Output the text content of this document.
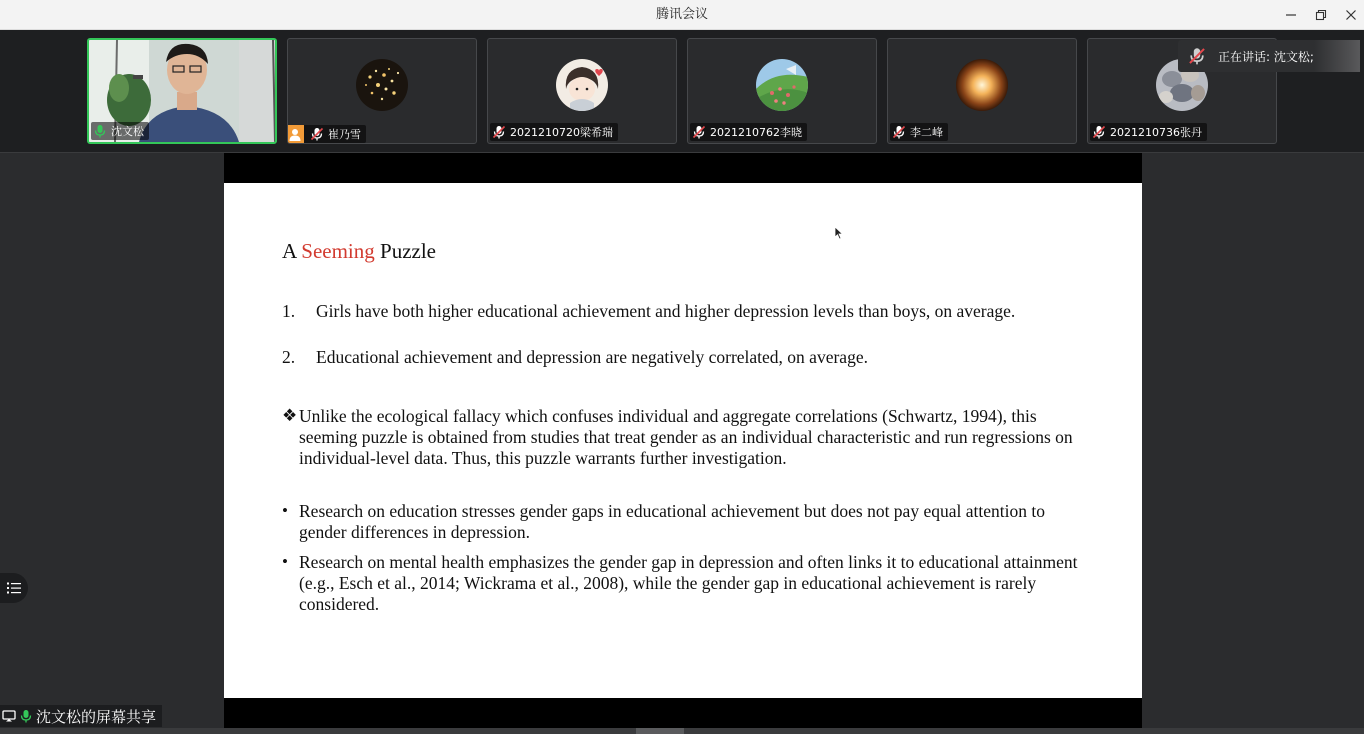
腾讯会议
沈文松	崔乃雪	2021210720梁希瑞	2021210762李晓	李二峰	2021210736张丹
正在讲话: 沈文松;
A Seeming Puzzle
1. Girls have both higher educational achievement and higher depression levels than boys, on average.
2. Educational achievement and depression are negatively correlated, on average.
❖ Unlike the ecological fallacy which confuses individual and aggregate correlations (Schwartz, 1994), this seeming puzzle is obtained from studies that treat gender as an individual characteristic and run regressions on individual-level data. Thus, this puzzle warrants further investigation.
• Research on education stresses gender gaps in educational achievement but does not pay equal attention to gender differences in depression.
• Research on mental health emphasizes the gender gap in depression and often links it to educational attainment (e.g., Esch et al., 2014; Wickrama et al., 2008), while the gender gap in educational achievement is rarely considered.
沈文松的屏幕共享
